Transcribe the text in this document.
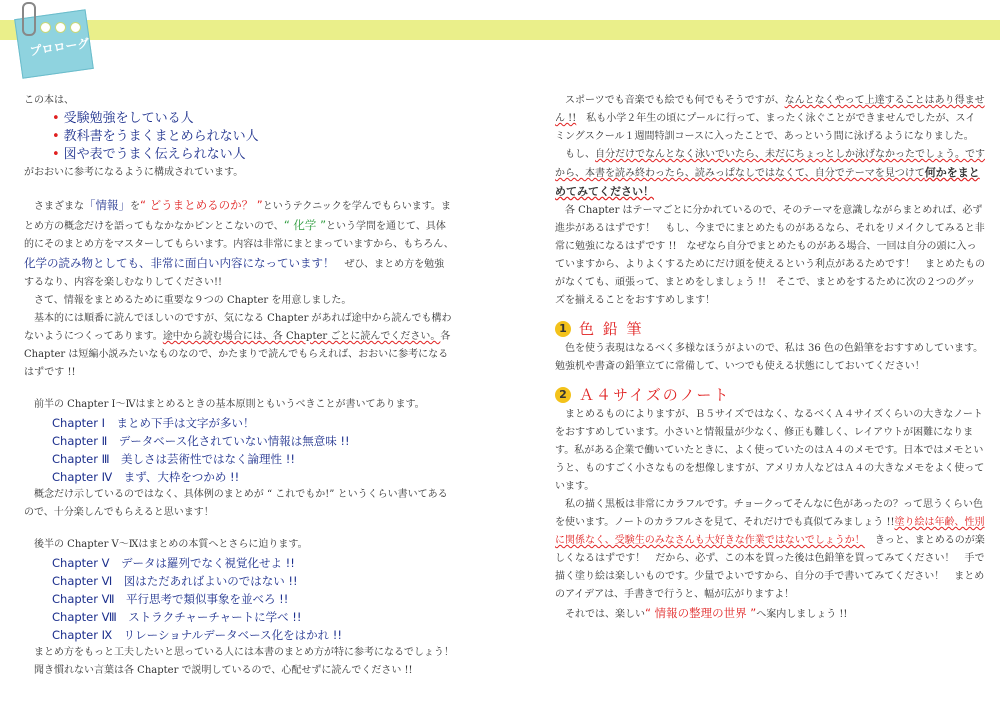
プロローグ

この本は、

• 受験勉強をしている人

• 教科書をうまくまとめられない人

• 図や表でうまく伝えられない人

がおおいに参考になるように構成されています。

さまざまな「情報」を“ どうまとめるのか？ ”というテクニックを学んでもらいます。まとめ方の概念だけを語ってもなかなかピンとこないので、“ 化学 ”という学問を通じて、具体的にそのまとめ方をマスターしてもらいます。内容は非常にまとまっていますから、もちろん、化学の読み物としても、非常に面白い内容になっています！　 ぜひ、まとめ方を勉強するなり、内容を楽しむなりしてください!!

さて、情報をまとめるために重要な９つの Chapter を用意しました。

基本的には順番に読んでほしいのですが、気になる Chapter があれば途中から読んでも構わないようにつくってあります。途中から読む場合には、各 Chapter ごとに読んでください。各 Chapter は短編小説みたいなものなので、かたまりで読んでもらえれば、おおいに参考になるはずです !!

前半の Chapter Ⅰ～Ⅳはまとめるときの基本原則ともいうべきことが書いてあります。

Chapter Ⅰ　まとめ下手は文字が多い！

Chapter Ⅱ　データベース化されていない情報は無意味 !!

Chapter Ⅲ　美しさは芸術性ではなく論理性 !!

Chapter Ⅳ　まず、大枠をつかめ !!

概念だけ示しているのではなく、具体例のまとめが “ これでもか!” というくらい書いてあるので、十分楽しんでもらえると思います！

後半の Chapter Ⅴ～Ⅸはまとめの本質へとさらに迫ります。

Chapter Ⅴ　データは羅列でなく視覚化せよ !!

Chapter Ⅵ　図はただあればよいのではない !!

Chapter Ⅶ　平行思考で類似事象を並べろ !!

Chapter Ⅷ　ストラクチャーチャートに学べ !!

Chapter Ⅸ　リレーショナルデータベース化をはかれ !!

まとめ方をもっと工夫したいと思っている人には本書のまとめ方が特に参考になるでしょう！

聞き慣れない言葉は各 Chapter で説明しているので、心配せずに読んでください !!

スポーツでも音楽でも絵でも何でもそうですが、なんとなくやって上達することはあり得ません !!　 私も小学２年生の頃にプールに行って、まったく泳ぐことができませんでしたが、スイミングスクール１週間特訓コースに入ったことで、あっという間に泳げるようになりました。

もし、自分だけでなんとなく泳いでいたら、未だにちょっとしか泳げなかったでしょう。ですから、本書を読み終わったら、読みっぱなしではなくて、自分でテーマを見つけて何かをまとめてみてください！

各 Chapter はテーマごとに分かれているので、そのテーマを意識しながらまとめれば、必ず進歩があるはずです！　もし、今までにまとめたものがあるなら、それをリメイクしてみると非常に勉強になるはずです !!　なぜなら自分でまとめたものがある場合、一回は自分の頭に入っていますから、よりよくするためにだけ頭を使えるという利点があるためです！　まとめたものがなくても、頑張って、まとめをしましょう !!　そこで、まとめをするために次の２つのグッズを揃えることをおすすめします！

1 色 鉛 筆

色を使う表現はなるべく多様なほうがよいので、私は 36 色の色鉛筆をおすすめしています。勉強机や書斎の鉛筆立てに常備して、いつでも使える状態にしておいてください！

2 Ａ４サイズのノート

まとめるものによりますが、Ｂ５サイズではなく、なるべくＡ４サイズくらいの大きなノートをおすすめしています。小さいと情報量が少なく、修正も難しく、レイアウトが困難になります。私がある企業で働いていたときに、よく使っていたのはＡ４のメモです。日本ではメモというと、ものすごく小さなものを想像しますが、アメリカ人などはＡ４の大きなメモをよく使っています。

私の描く黒板は非常にカラフルです。チョークってそんなに色があったの？って思うくらい色を使います。ノートのカラフルさを見て、それだけでも真似てみましょう !!塗り絵は年齢、性別に関係なく、受験生のみなさんも大好きな作業ではないでしょうか！　 きっと、まとめるのが楽しくなるはずです！　だから、必ず、この本を買った後は色鉛筆を買ってみてください！　手で描く塗り絵は楽しいものです。少量でよいですから、自分の手で書いてみてください！　まとめのアイデアは、手書きで行うと、幅が広がりますよ！

それでは、楽しい“ 情報の整理の世界 ”へ案内しましょう !!
